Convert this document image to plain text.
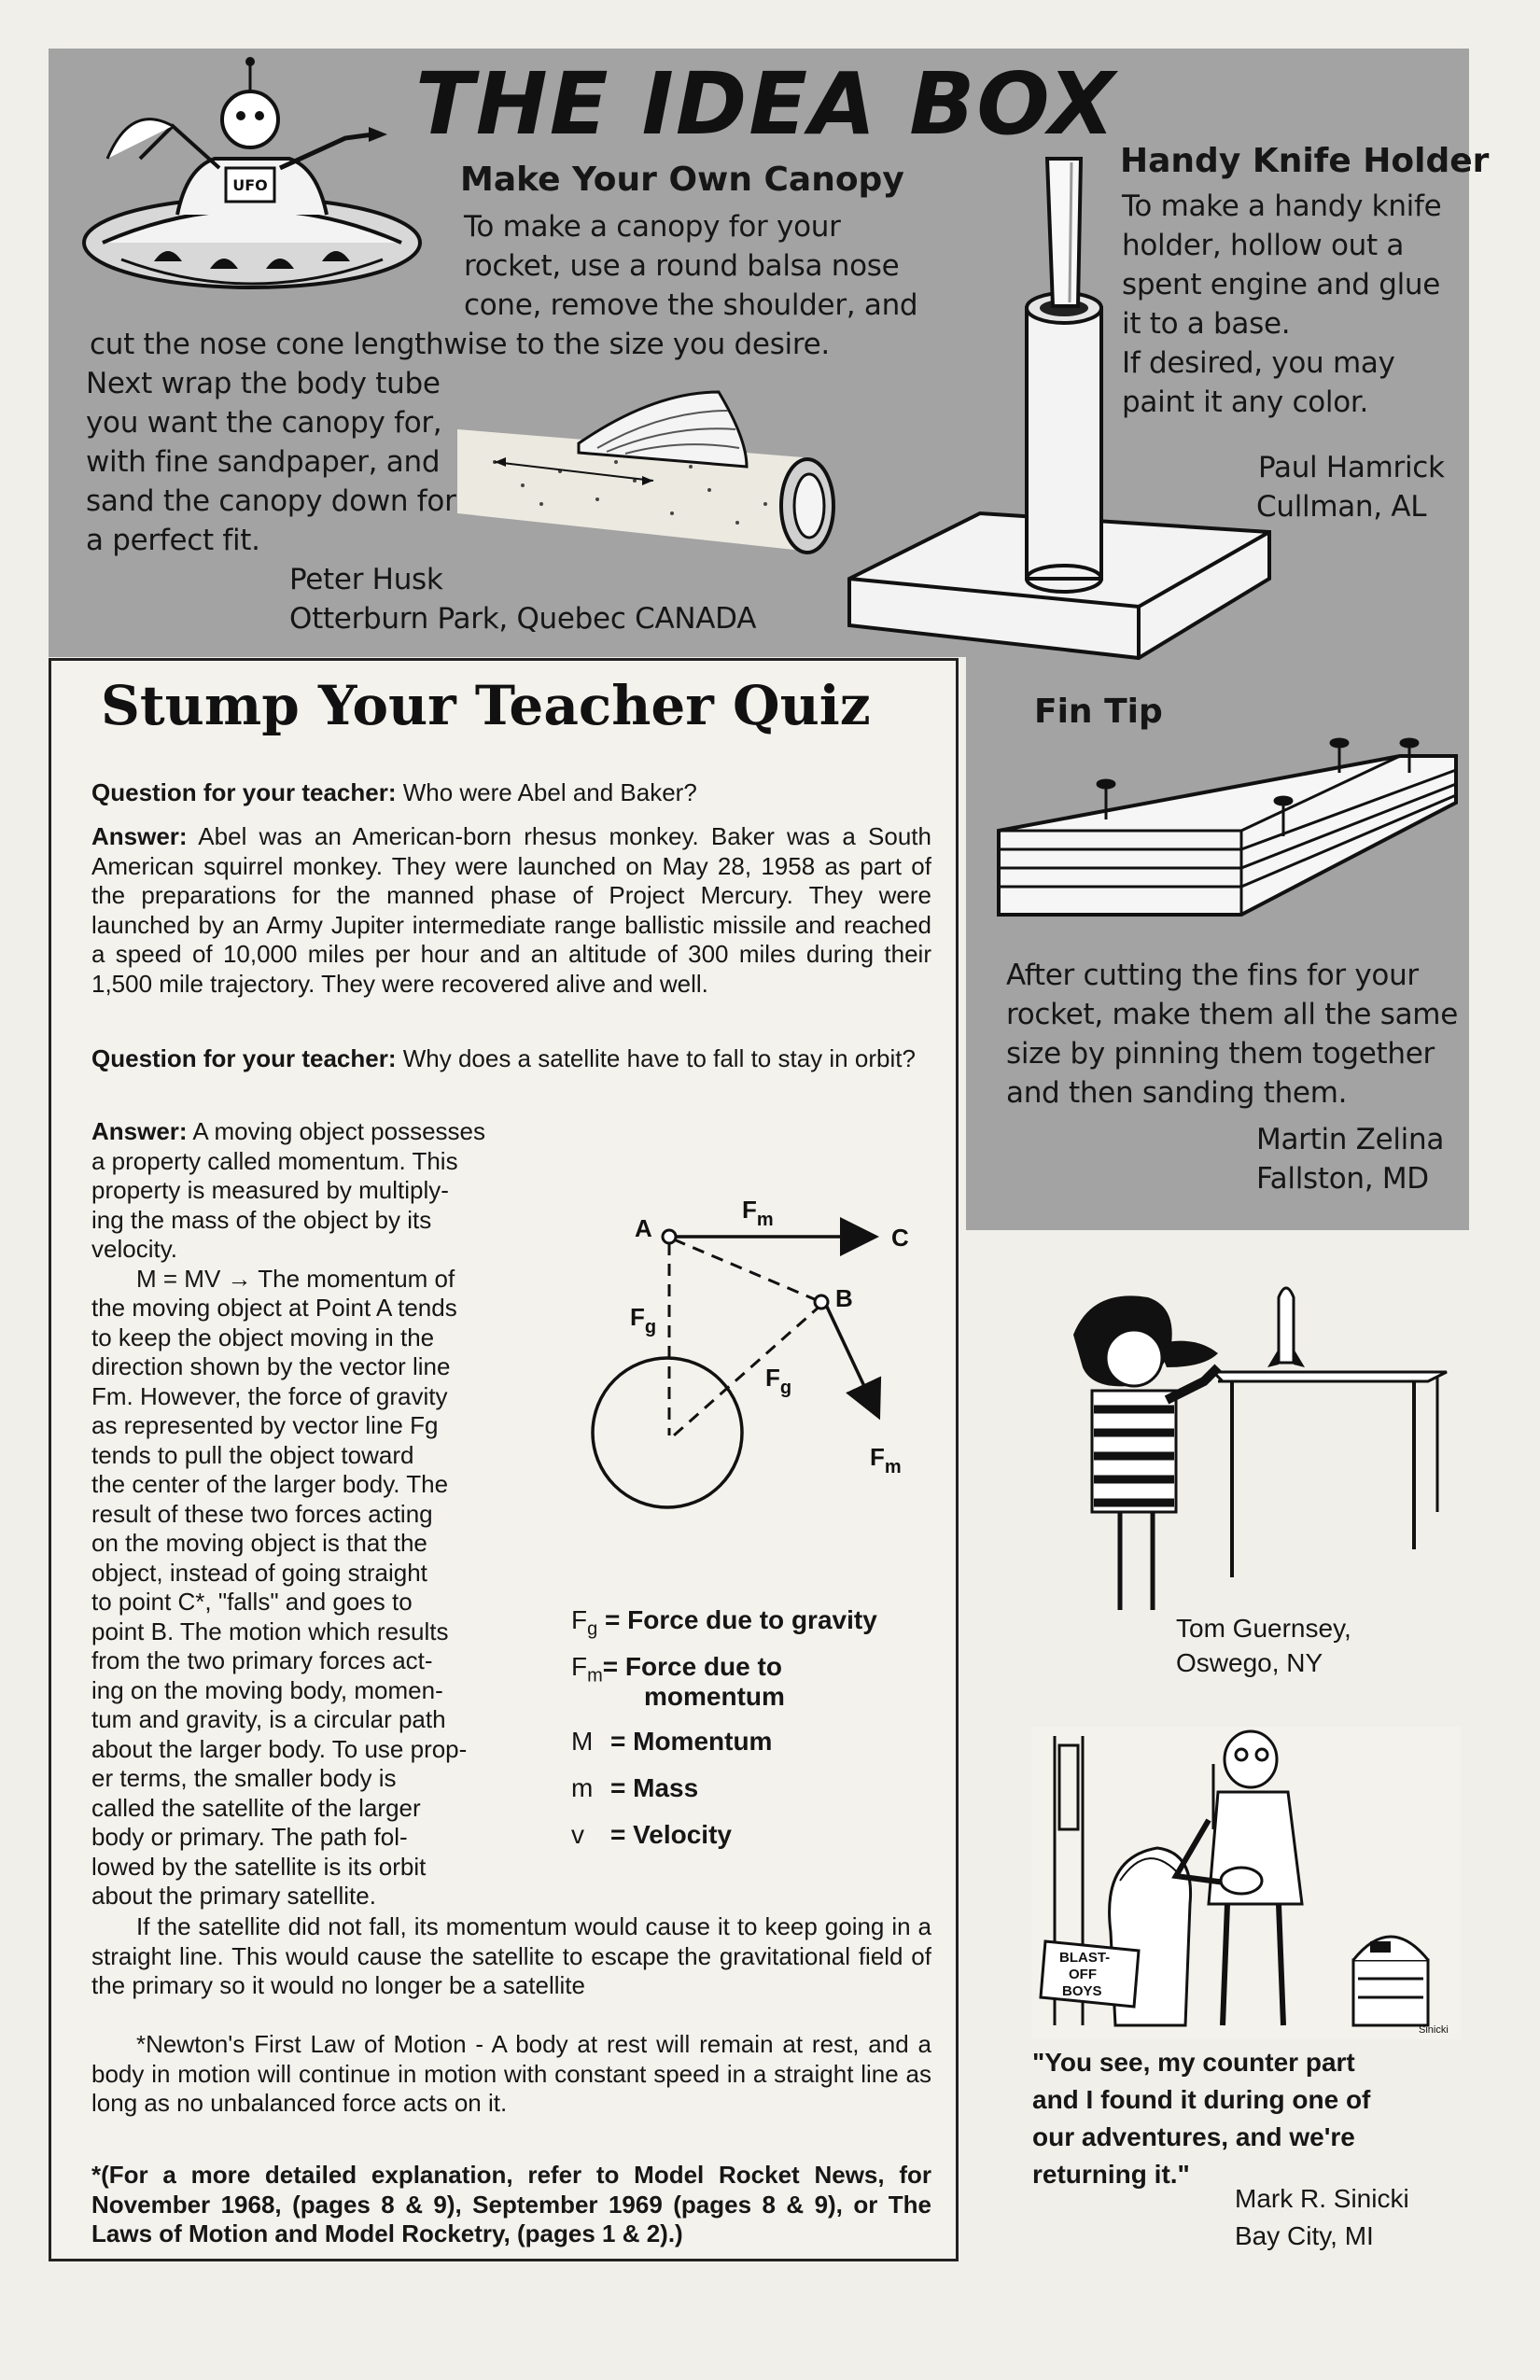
UFO
THE IDEA BOX
Make Your Own Canopy

To make a canopy for your

rocket, use a round balsa nose

cone, remove the shoulder, and

cut the nose cone lengthwise to the size you desire.

Next wrap the body tube

you want the canopy for,

with fine sandpaper, and

sand the canopy down for

a perfect fit.

Peter Husk
Otterburn Park, Quebec CANADA
Handy Knife Holder

To make a handy knife

holder, hollow out a

spent engine and glue

it to a base.

If desired, you may

paint it any color.

Paul Hamrick
Cullman, AL
Fin Tip

After cutting the fins for your

rocket, make them all the same

size by pinning them together

and then sanding them.

Martin Zelina
Fallston, MD
Stump Your Teacher Quiz
Question for your teacher: Who were Abel and Baker?
Answer: Abel was an American-born rhesus monkey. Baker was a South American squirrel monkey. They were launched on May 28, 1958 as part of the preparations for the manned phase of Project Mercury. They were launched by an Army Jupiter intermediate range ballistic missile and reached a speed of 10,000 miles per hour and an altitude of 300 miles during their 1,500 mile trajectory. They were recovered alive and well.
Question for your teacher: Why does a satellite have to fall to stay in orbit?

Answer: A moving object possesses

a property called momentum. This

property is measured by multiply-

ing the mass of the object by its

velocity.

M = MV → The momentum of

the moving object at Point A tends

to keep the object moving in the

direction shown by the vector line

Fm. However, the force of gravity

as represented by vector line Fg

tends to pull the object toward

the center of the larger body. The

result of these two forces acting

on the moving object is that the

object, instead of going straight

to point C*, "falls" and goes to

point B. The motion which results

from the two primary forces act-

ing on the moving body, momen-

tum and gravity, is a circular path

about the larger body. To use prop-

er terms, the smaller body is

called the satellite of the larger

body or primary. The path fol-

lowed by the satellite is its orbit

about the primary satellite.

A
B
C
$F_m$
$F_g$
$F_g$
$F_m$
$F_g$ = Force due to gravity
$F_m=$ Force due to
momentum
M = Momentum
m = Mass
v = Velocity
If the satellite did not fall, its momentum would cause it to keep going in a straight line. This would cause the satellite to escape the gravitational field of the primary so it would no longer be a satellite
*Newton's First Law of Motion - A body at rest will remain at rest, and a body in motion will continue in motion with constant speed in a straight line as long as no unbalanced force acts on it.
*(For a more detailed explanation, refer to Model Rocket News, for November 1968, (pages 8 & 9), September 1969 (pages 8 & 9), or The Laws of Motion and Model Rocketry, (pages 1 & 2).)
Tom Guernsey,
Oswego, NY
BLAST-
OFF
BOYS
Sinicki

"You see, my counter part

and I found it during one of

our adventures, and we're

returning it."

Mark R. Sinicki
Bay City, MI
